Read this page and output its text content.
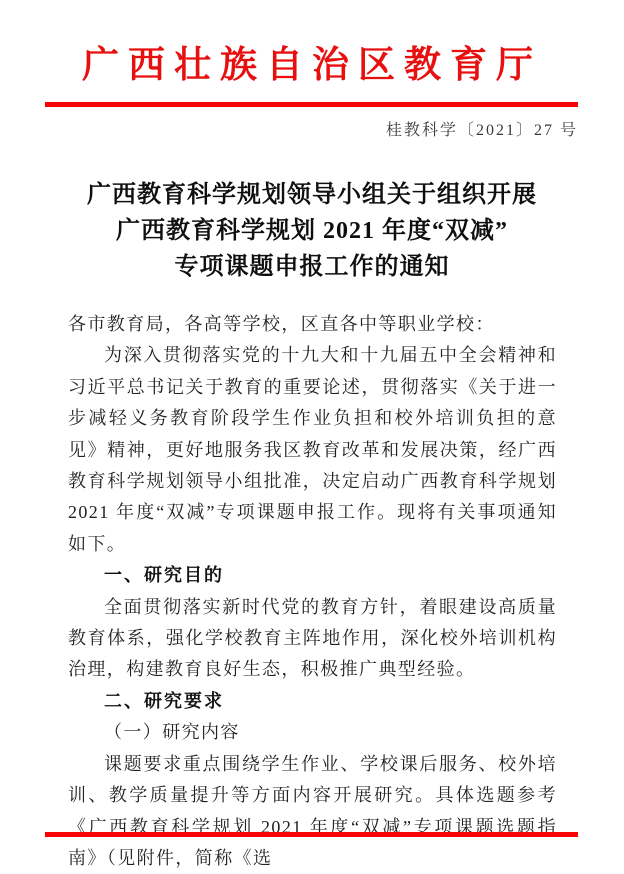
广西壮族自治区教育厅
桂教科学〔2021〕27 号
广西教育科学规划领导小组关于组织开展
广西教育科学规划 2021 年度“双减”
专项课题申报工作的通知

各市教育局，各高等学校，区直各中等职业学校：

为深入贯彻落实党的十九大和十九届五中全会精神和习近平总书记关于教育的重要论述，贯彻落实《关于进一步减轻义务教育阶段学生作业负担和校外培训负担的意见》精神，更好地服务我区教育改革和发展决策，经广西教育科学规划领导小组批准，决定启动广西教育科学规划 2021 年度“双减”专项课题申报工作。现将有关事项通知如下。

一、研究目的

全面贯彻落实新时代党的教育方针，着眼建设高质量教育体系，强化学校教育主阵地作用，深化校外培训机构治理，构建教育良好生态，积极推广典型经验。

二、研究要求

（一）研究内容

课题要求重点围绕学生作业、学校课后服务、校外培训、教学质量提升等方面内容开展研究。具体选题参考《广西教育科学规划 2021 年度“双减”专项课题选题指南》（见附件，简称《选
